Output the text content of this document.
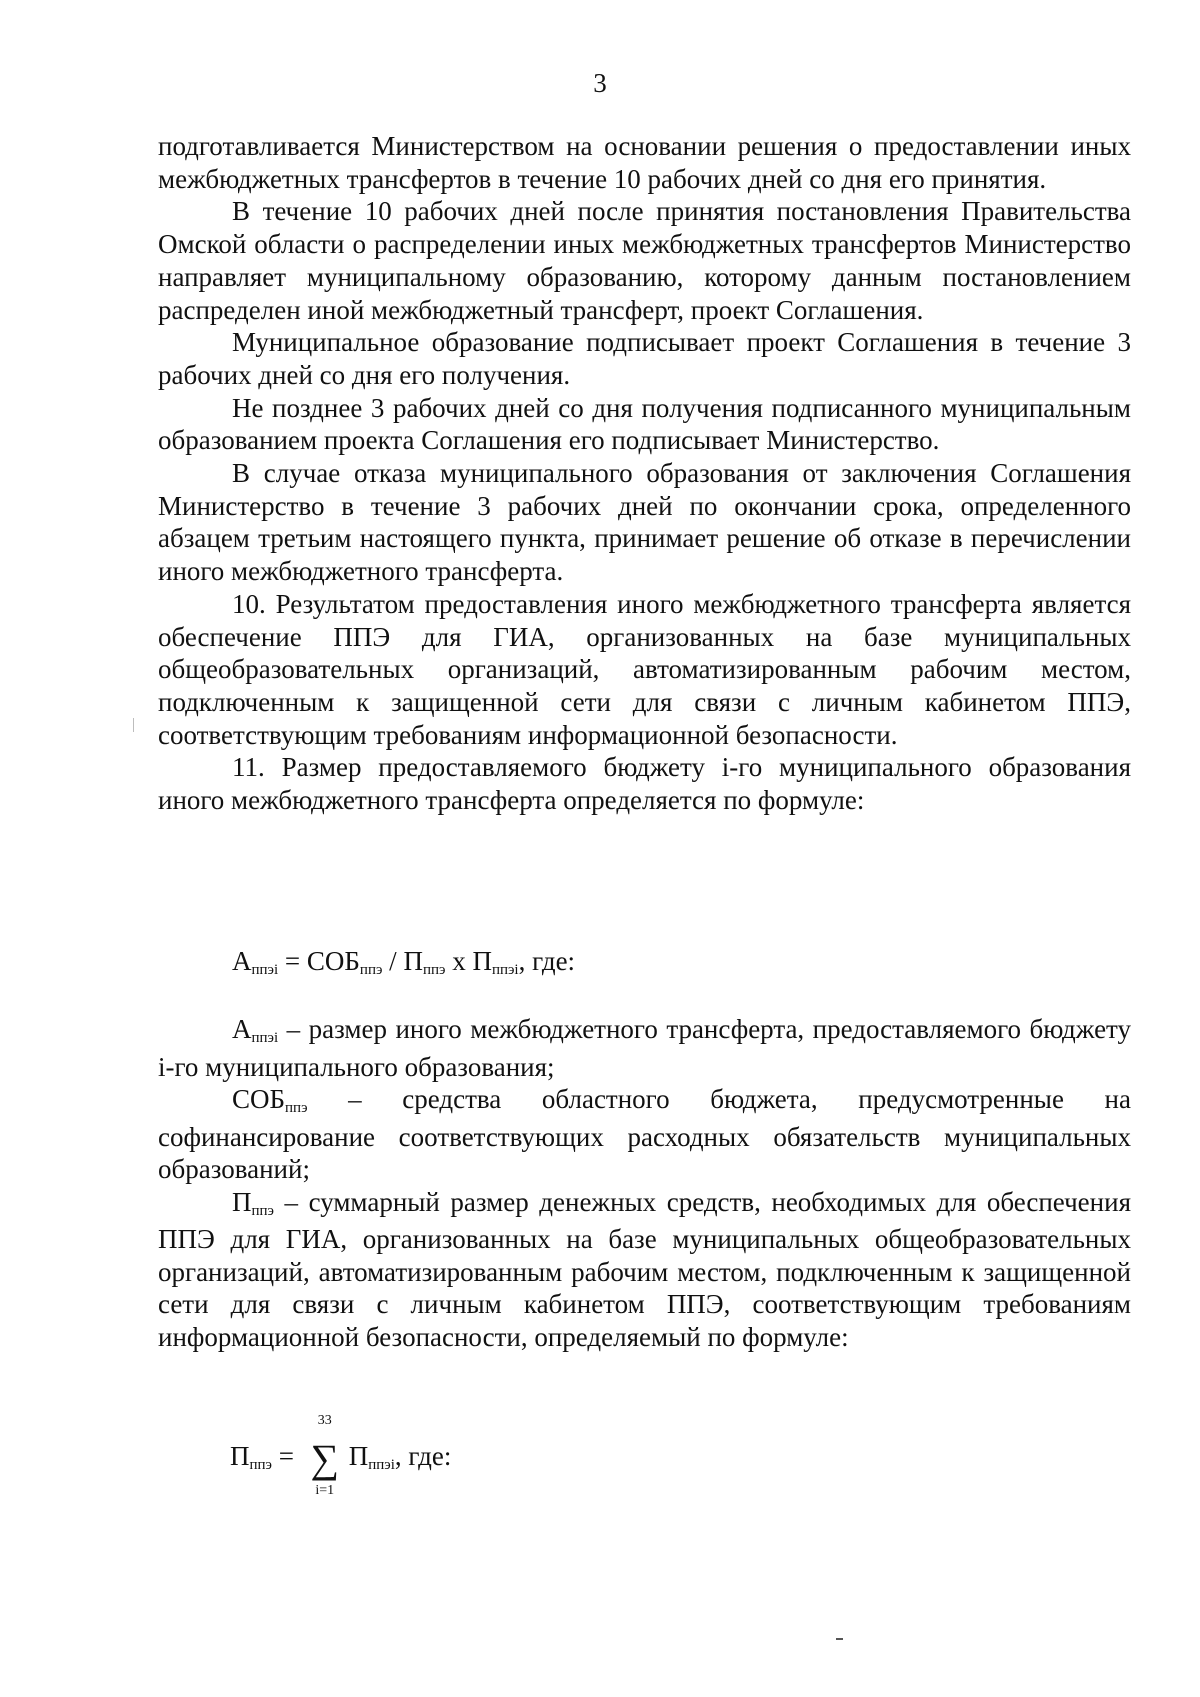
3

подготавливается Министерством на основании решения о предоставлении иных межбюджетных трансфертов в течение 10 рабочих дней со дня его принятия.

В течение 10 рабочих дней после принятия постановления Правительства Омской области о распределении иных межбюджетных трансфертов Министерство направляет муниципальному образованию, которому данным постановлением распределен иной межбюджетный трансферт, проект Соглашения.

Муниципальное образование подписывает проект Соглашения в течение 3 рабочих дней со дня его получения.

Не позднее 3 рабочих дней со дня получения подписанного муниципальным образованием проекта Соглашения его подписывает Министерство.

В случае отказа муниципального образования от заключения Соглашения Министерство в течение 3 рабочих дней по окончании срока, определенного абзацем третьим настоящего пункта, принимает решение об отказе в перечислении иного межбюджетного трансферта.

10. Результатом предоставления иного межбюджетного трансферта является обеспечение ППЭ для ГИА, организованных на базе муниципальных общеобразовательных организаций, автоматизированным рабочим местом, подключенным к защищенной сети для связи с личным кабинетом ППЭ, соответствующим требованиям информационной безопасности.

11. Размер предоставляемого бюджету i-го муниципального образования иного межбюджетного трансферта определяется по формуле:

Аппэi = СОБппэ / Пппэ x Пппэi, где:

Аппэi – размер иного межбюджетного трансферта, предоставляемого бюджету i-го муниципального образования;

СОБппэ – средства областного бюджета, предусмотренные на софинансирование соответствующих расходных обязательств муниципальных образований;

Пппэ – суммарный размер денежных средств, необходимых для обеспечения ППЭ для ГИА, организованных на базе муниципальных общеобразовательных организаций, автоматизированным рабочим местом, подключенным к защищенной сети для связи с личным кабинетом ППЭ, соответствующим требованиям информационной безопасности, определяемый по формуле:

Пппэ =
33
∑
i=1
Пппэi, где:
